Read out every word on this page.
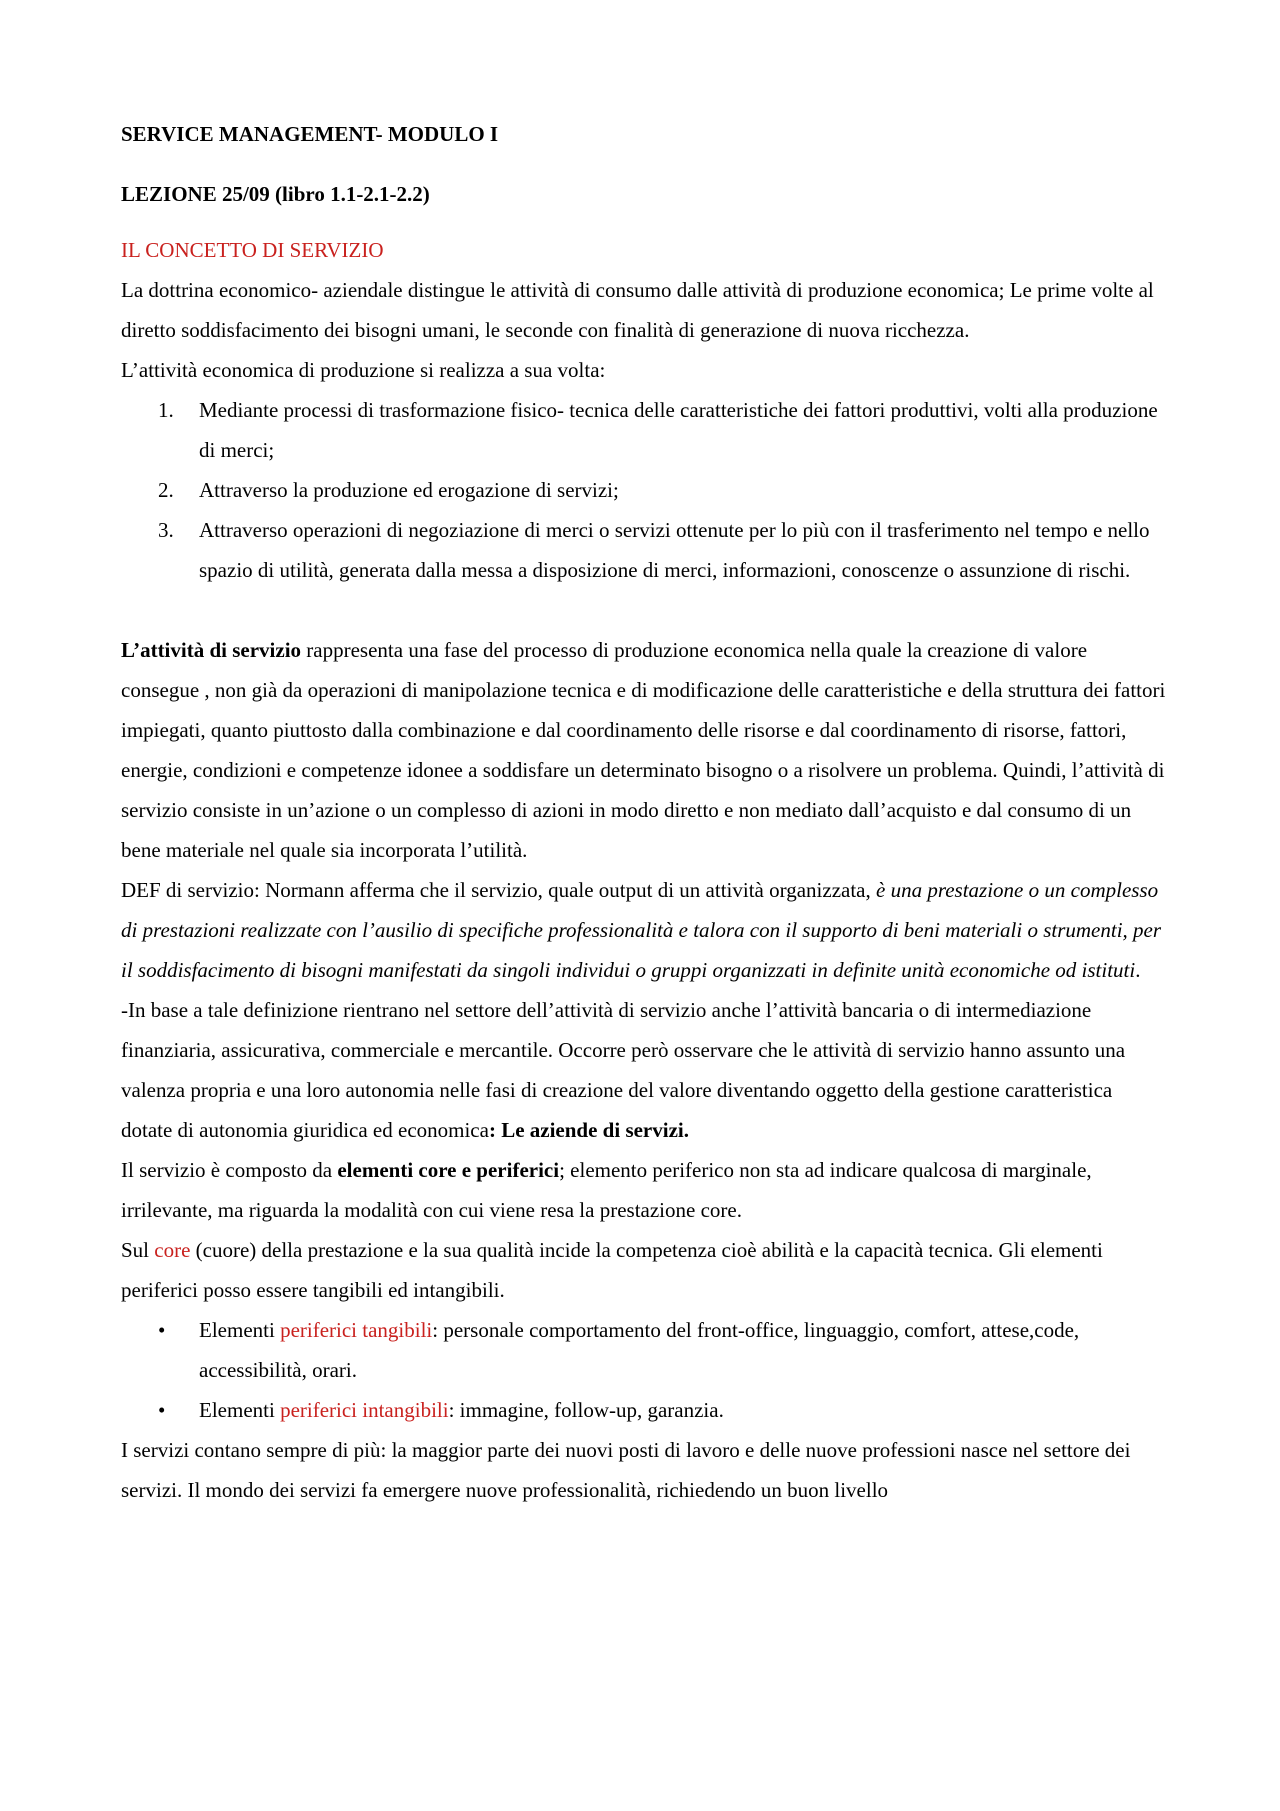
SERVICE MANAGEMENT- MODULO I
LEZIONE 25/09 (libro 1.1-2.1-2.2)

IL CONCETTO DI SERVIZIO

La dottrina economico- aziendale distingue le attività di consumo dalle attività di produzione economica; Le prime volte al diretto soddisfacimento dei bisogni umani, le seconde con finalità di generazione di nuova ricchezza.

L’attività economica di produzione si realizza a sua volta:

1. Mediante processi di trasformazione fisico- tecnica delle caratteristiche dei fattori produttivi, volti alla produzione di merci;
2. Attraverso la produzione ed erogazione di servizi;
3. Attraverso operazioni di negoziazione di merci o servizi ottenute per lo più con il trasferimento nel tempo e nello spazio di utilità, generata dalla messa a disposizione di merci, informazioni, conoscenze o assunzione di rischi.

L’attività di servizio rappresenta una fase del processo di produzione economica nella quale la creazione di valore consegue , non già da operazioni di manipolazione tecnica e di modificazione delle caratteristiche e della struttura dei fattori impiegati, quanto piuttosto dalla combinazione e dal coordinamento delle risorse e dal coordinamento di risorse, fattori, energie, condizioni e competenze idonee a soddisfare un determinato bisogno o a risolvere un problema. Quindi, l’attività di servizio consiste in un’azione o un complesso di azioni in modo diretto e non mediato dall’acquisto e dal consumo di un bene materiale nel quale sia incorporata l’utilità.

DEF di servizio: Normann afferma che il servizio, quale output di un attività organizzata, è una prestazione o un complesso di prestazioni realizzate con l’ausilio di specifiche professionalità e talora con il supporto di beni materiali o strumenti, per il soddisfacimento di bisogni manifestati da singoli individui o gruppi organizzati in definite unità economiche od istituti.

-In base a tale definizione rientrano nel settore dell’attività di servizio anche l’attività bancaria o di intermediazione finanziaria, assicurativa, commerciale e mercantile. Occorre però osservare che le attività di servizio hanno assunto una valenza propria e una loro autonomia nelle fasi di creazione del valore diventando oggetto della gestione caratteristica dotate di autonomia giuridica ed economica: Le aziende di servizi.

Il servizio è composto da elementi core e periferici; elemento periferico non sta ad indicare qualcosa di marginale, irrilevante, ma riguarda la modalità con cui viene resa la prestazione core.

Sul core (cuore) della prestazione e la sua qualità incide la competenza cioè abilità e la capacità tecnica. Gli elementi periferici posso essere tangibili ed intangibili.

• Elementi periferici tangibili: personale comportamento del front-office, linguaggio, comfort, attese,code, accessibilità, orari.
• Elementi periferici intangibili: immagine, follow-up, garanzia.

I servizi contano sempre di più: la maggior parte dei nuovi posti di lavoro e delle nuove professioni nasce nel settore dei servizi. Il mondo dei servizi fa emergere nuove professionalità, richiedendo un buon livello
